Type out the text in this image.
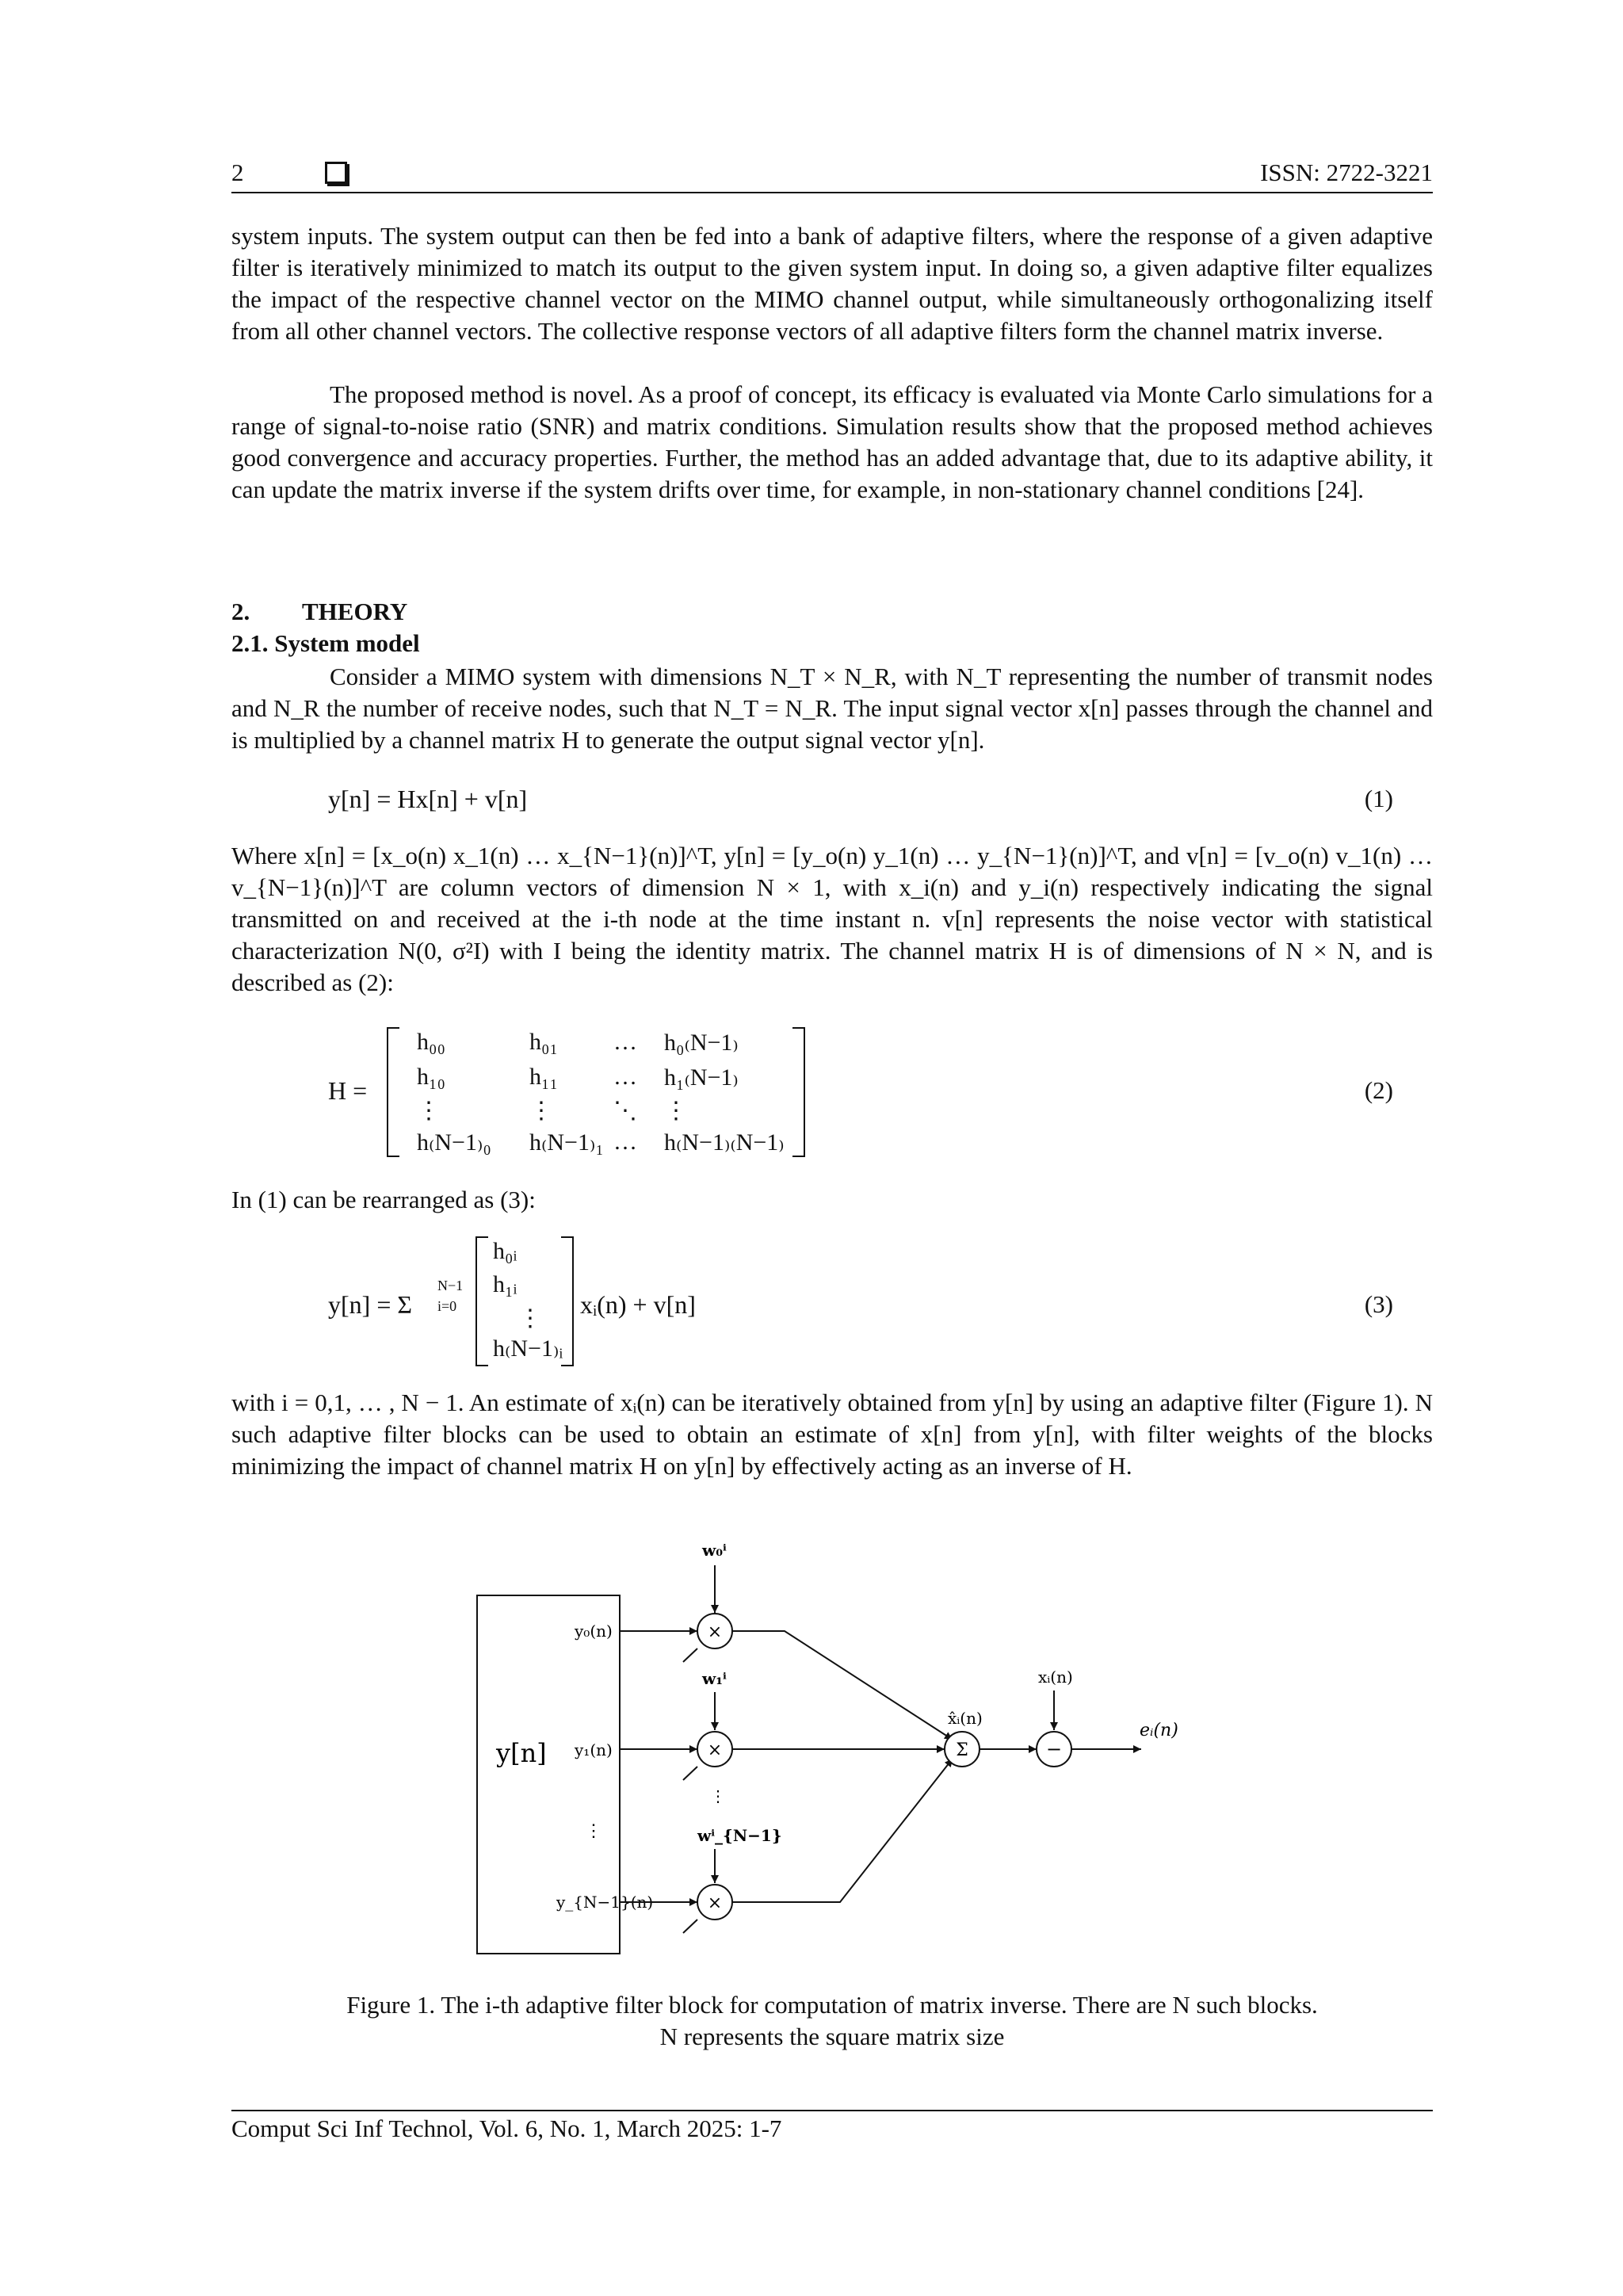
2	ISSN: 2722-3221

system inputs. The system output can then be fed into a bank of adaptive filters, where the response of a given adaptive filter is iteratively minimized to match its output to the given system input. In doing so, a given adaptive filter equalizes the impact of the respective channel vector on the MIMO channel output, while simultaneously orthogonalizing itself from all other channel vectors. The collective response vectors of all adaptive filters form the channel matrix inverse.

The proposed method is novel. As a proof of concept, its efficacy is evaluated via Monte Carlo simulations for a range of signal-to-noise ratio (SNR) and matrix conditions. Simulation results show that the proposed method achieves good convergence and accuracy properties. Further, the method has an added advantage that, due to its adaptive ability, it can update the matrix inverse if the system drifts over time, for example, in non-stationary channel conditions [24].

2. THEORY
2.1. System model

Consider a MIMO system with dimensions N_T × N_R, with N_T representing the number of transmit nodes and N_R the number of receive nodes, such that N_T = N_R. The input signal vector x[n] passes through the channel and is multiplied by a channel matrix H to generate the output signal vector y[n].

y[n] = Hx[n] + v[n]	(1)

Where x[n] = [x_o(n) x_1(n) … x_{N−1}(n)]^T, y[n] = [y_o(n) y_1(n) … y_{N−1}(n)]^T, and v[n] = [v_o(n) v_1(n) … v_{N−1}(n)]^T are column vectors of dimension N × 1, with x_i(n) and y_i(n) respectively indicating the signal transmitted on and received at the i-th node at the time instant n. v[n] represents the noise vector with statistical characterization N(0, σ²I) with I being the identity matrix. The channel matrix H is of dimensions of N × N, and is described as (2):

H =
h₀₀	h₀₁ … h₀₍N−1₎
h₁₀	h₁₁ … h₁₍N−1₎
⋮	⋮	⋱ ⋮
h₍N−1₎₀ h₍N−1₎₁ … h₍N−1₎₍N−1₎
(2)

In (1) can be rearranged as (3):

y[n] = Σ
N−1
i=0
h₀ᵢ
h₁ᵢ
⋮
h₍N−1₎ᵢ
xᵢ(n) + v[n]	(3)

with i = 0,1, … , N − 1. An estimate of xᵢ(n) can be iteratively obtained from y[n] by using an adaptive filter (Figure 1). N such adaptive filter blocks can be used to obtain an estimate of x[n] from y[n], with filter weights of the blocks minimizing the impact of channel matrix H on y[n] by effectively acting as an inverse of H.

y[n]
y₀(n)
y₁(n)
⋮
y_{N−1}(n)
w₀ⁱ
w₁ⁱ
⋮
wⁱ_{N−1}
×
×
×
Σ
x̂ᵢ(n)
−
xᵢ(n)
eᵢ(n)

Figure 1. The i-th adaptive filter block for computation of matrix inverse. There are N such blocks.

N represents the square matrix size

Comput Sci Inf Technol, Vol. 6, No. 1, March 2025: 1-7
